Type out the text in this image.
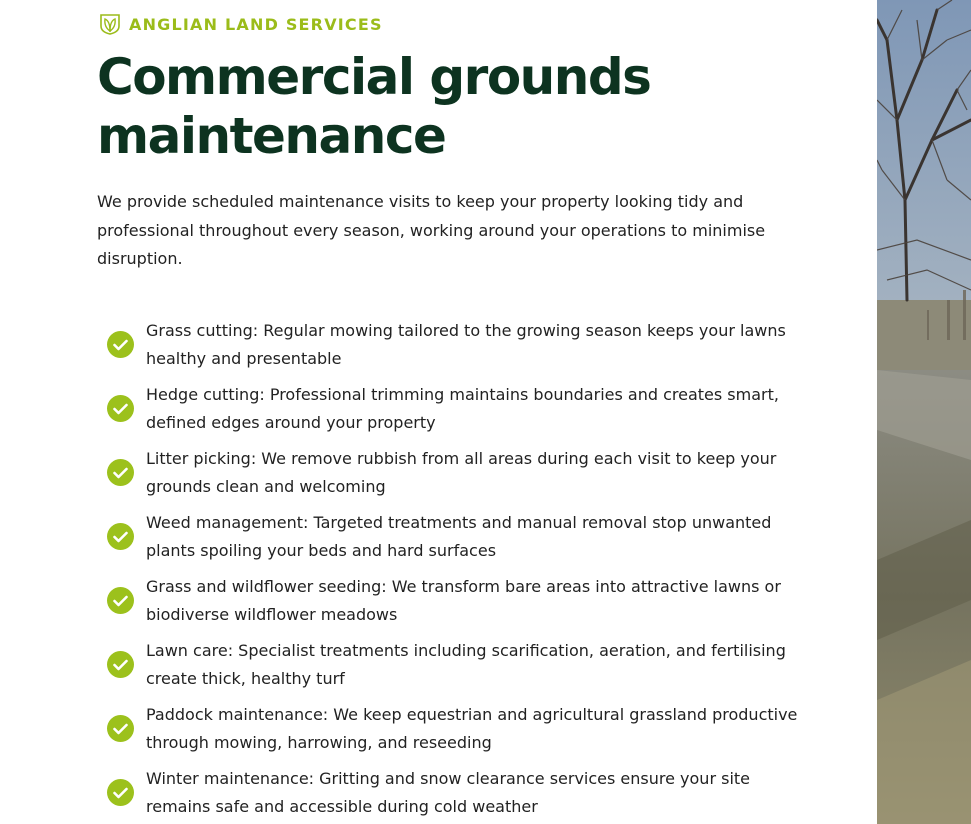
ANGLIAN LAND SERVICES
Commercial grounds maintenance

We provide scheduled maintenance visits to keep your property looking tidy and professional throughout every season, working around your operations to minimise disruption.

Grass cutting: Regular mowing tailored to the growing season keeps your lawns healthy and presentable
Hedge cutting: Professional trimming maintains boundaries and creates smart, defined edges around your property
Litter picking: We remove rubbish from all areas during each visit to keep your grounds clean and welcoming
Weed management: Targeted treatments and manual removal stop unwanted plants spoiling your beds and hard surfaces
Grass and wildflower seeding: We transform bare areas into attractive lawns or biodiverse wildflower meadows
Lawn care: Specialist treatments including scarification, aeration, and fertilising create thick, healthy turf
Paddock maintenance: We keep equestrian and agricultural grassland productive through mowing, harrowing, and reseeding
Winter maintenance: Gritting and snow clearance services ensure your site remains safe and accessible during cold weather
